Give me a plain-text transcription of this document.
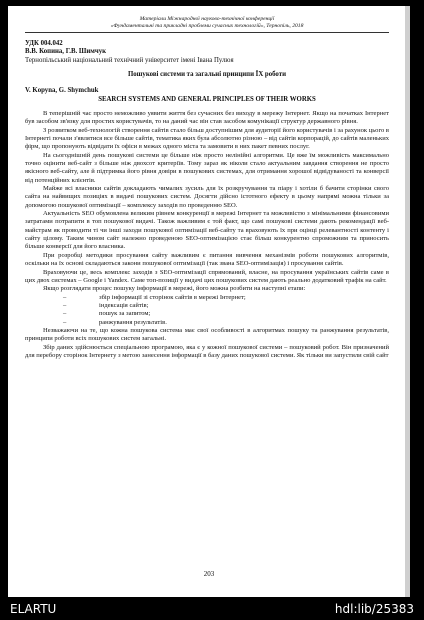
Матеріали Міжнародної науково-технічної конференції
«Фундаментальні та прикладні проблеми сучасних технологій», Тернопіль, 2018
УДК 004.042
В.В. Копина, Г.В. Шимчук
Тернопільський національний технічний університет імені Івана Пулюя
Пошукові системи та загальні принципи ЇХ роботи
V. Koруna, G. Shymchuk
SEARCH SYSTEMS AND GENERAL PRINCIPLES OF THEIR WORKS

В теперішній час просто неможливо уявити життя без сучасних без виходу в мережу Інтернет. Якщо на початках Інтернет був засобом зв'язку для простих користувачів, то на даний час він став засобом комунікації структур державного рівня.

З розвитком веб-технологій створення сайтів стало більш доступнішим для аудиторії його користувачів і за рахунок цього в Інтернеті почали з'являтися все більше сайтів, тематика яких була абсолютно різною – від сайтів корпорацій, до сайтів маленьких фірм, що пропонують відвідати їх офіси в межах одного міста та замовити в них пакет певних послуг.

На сьогоднішній день пошукові системи це більше ніж просто нелінійні алгоритми. Це вже їм можливість максимально точно оцінити веб-сайт з більше ніж двохсот критеріїв. Тому зараз як ніколи стало актуальним завдання створення не просто якісного веб-сайту, але й підтримка його рівня довіри в пошукових системах, для отримання хорошої відвідуваності та конверсії від потенційних клієнтів.

Майже всі власники сайтів докладають чималих зусиль для їх розкручування та піару і хотіли б бачити сторінки свого сайта на найвищих позиціях в видачі пошукових систем. Досягти дійсно істотного ефекту в цьому напрямі можна тільки за допомогою пошукової оптимізації – комплексу заходів по проведенню SEO.

Актуальність SEO обумовлена великим рівнем конкуренції в мережі Інтернет та можливістю з мінімальними фінансовими затратами потрапити в топ пошукової видачі. Також важливим є той факт, що самі пошукові системи дають рекомендації веб-майстрам як проводити ті чи інші заходи пошукової оптимізації веб-сайту та враховують їх при оцінці релевантності контенту і сайту цілому. Таким чином сайт належно проведеною SEO-оптимізацією стає більш конкурентно спроможним та приносить більше конверсії для його власника.

При розробці методики просування сайту важливим є питання вивчення механізмів роботи пошукових алгоритмів, оскільки на їх основі складаються закони пошукової оптимізації (так звана SEO-оптимізація) і просування сайтів.

Враховуючи це, весь комплекс заходів з SEO-оптимізації спрямований, власне, на просування українських сайтів саме в цих двох системах – Google і Yandex. Саме топ-позиції у видачі цих пошукових систем дають реально додатковий трафік на сайт.

Якщо розглядати процес пошуку інформації в мережі, його можна розбити на наступні етапи:

–	збір інформації зі сторінок сайтів в мережі Інтернет;
–	індексація сайтів;
–	пошук за запитом;
–	ранжування результатів.

Незважаючи на те, що кожна пошукова система має свої особливості в алгоритмах пошуку та ранжування результатів, принципи роботи всіх пошукових систем загальні.

Збір даних здійснюється спеціальною програмою, яка є у кожної пошукової системи – пошуковий робот. Він призначений для перебору сторінок Інтернету з метою занесення інформації в базу даних пошукової системи. Як тільки ви запустили свій сайт

203
ELARTU	hdl:lib/25383
